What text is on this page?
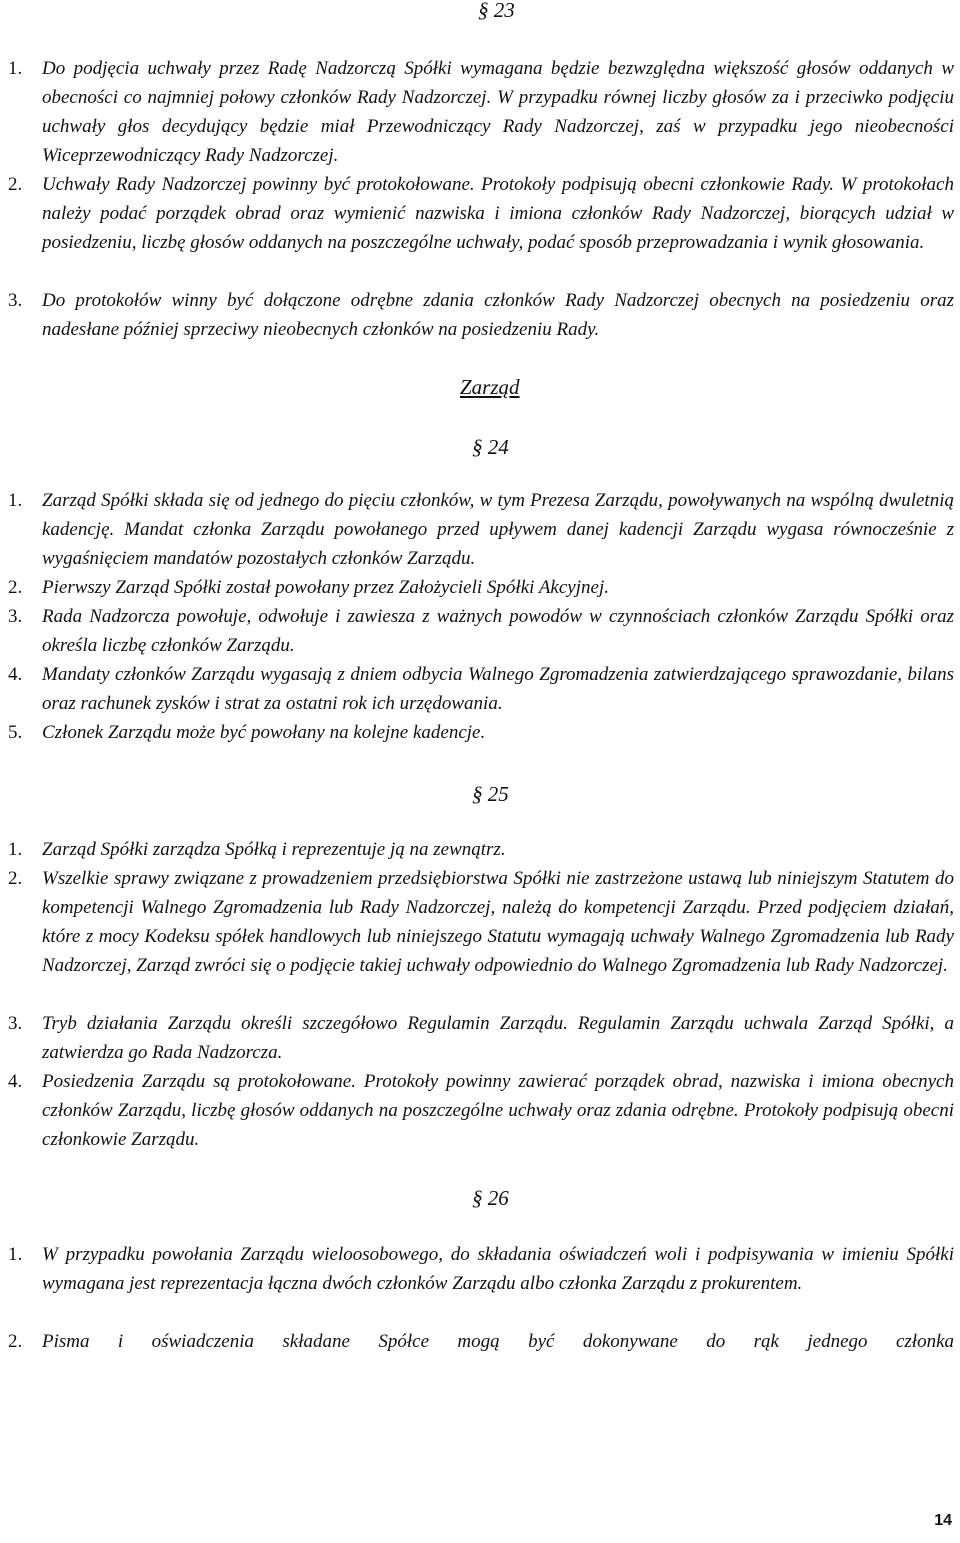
§ 23
1.	Do podjęcia uchwały przez Radę Nadzorczą Spółki wymagana będzie bezwzględna większość głosów oddanych w obecności co najmniej połowy członków Rady Nadzorczej. W przypadku równej liczby głosów za i przeciwko podjęciu uchwały głos decydujący będzie miał Przewodniczący Rady Nadzorczej, zaś w przypadku jego nieobecności Wiceprzewodniczący Rady Nadzorczej.
2.	Uchwały Rady Nadzorczej powinny być protokołowane. Protokoły podpisują obecni członkowie Rady. W protokołach należy podać porządek obrad oraz wymienić nazwiska i imiona członków Rady Nadzorczej, biorących udział w posiedzeniu, liczbę głosów oddanych na poszczególne uchwały, podać sposób przeprowadzania i wynik głosowania.
3.	Do protokołów winny być dołączone odrębne zdania członków Rady Nadzorczej obecnych na posiedzeniu oraz nadesłane później sprzeciwy nieobecnych członków na posiedzeniu Rady.
Zarząd
§ 24
1.	Zarząd Spółki składa się od jednego do pięciu członków, w tym Prezesa Zarządu, powoływanych na wspólną dwuletnią kadencję. Mandat członka Zarządu powołanego przed upływem danej kadencji Zarządu wygasa równocześnie z wygaśnięciem mandatów pozostałych członków Zarządu.
2.	Pierwszy Zarząd Spółki został powołany przez Założycieli Spółki Akcyjnej.
3.	Rada Nadzorcza powołuje, odwołuje i zawiesza z ważnych powodów w czynnościach członków Zarządu Spółki oraz określa liczbę członków Zarządu.
4.	Mandaty członków Zarządu wygasają z dniem odbycia Walnego Zgromadzenia zatwierdzającego sprawozdanie, bilans oraz rachunek zysków i strat za ostatni rok ich urzędowania.
5.	Członek Zarządu może być powołany na kolejne kadencje.
§ 25
1.	Zarząd Spółki zarządza Spółką i reprezentuje ją na zewnątrz.
2.	Wszelkie sprawy związane z prowadzeniem przedsiębiorstwa Spółki nie zastrzeżone ustawą lub niniejszym Statutem do kompetencji Walnego Zgromadzenia lub Rady Nadzorczej, należą do kompetencji Zarządu. Przed podjęciem działań, które z mocy Kodeksu spółek handlowych lub niniejszego Statutu wymagają uchwały Walnego Zgromadzenia lub Rady Nadzorczej, Zarząd zwróci się o podjęcie takiej uchwały odpowiednio do Walnego Zgromadzenia lub Rady Nadzorczej.
3.	Tryb działania Zarządu określi szczegółowo Regulamin Zarządu. Regulamin Zarządu uchwala Zarząd Spółki, a zatwierdza go Rada Nadzorcza.
4.	Posiedzenia Zarządu są protokołowane. Protokoły powinny zawierać porządek obrad, nazwiska i imiona obecnych członków Zarządu, liczbę głosów oddanych na poszczególne uchwały oraz zdania odrębne. Protokoły podpisują obecni członkowie Zarządu.
§ 26
1.	W przypadku powołania Zarządu wieloosobowego, do składania oświadczeń woli i podpisywania w imieniu Spółki wymagana jest reprezentacja łączna dwóch członków Zarządu albo członka Zarządu z prokurentem.
2.	Pisma i oświadczenia składane Spółce mogą być dokonywane do rąk jednego członka
14
